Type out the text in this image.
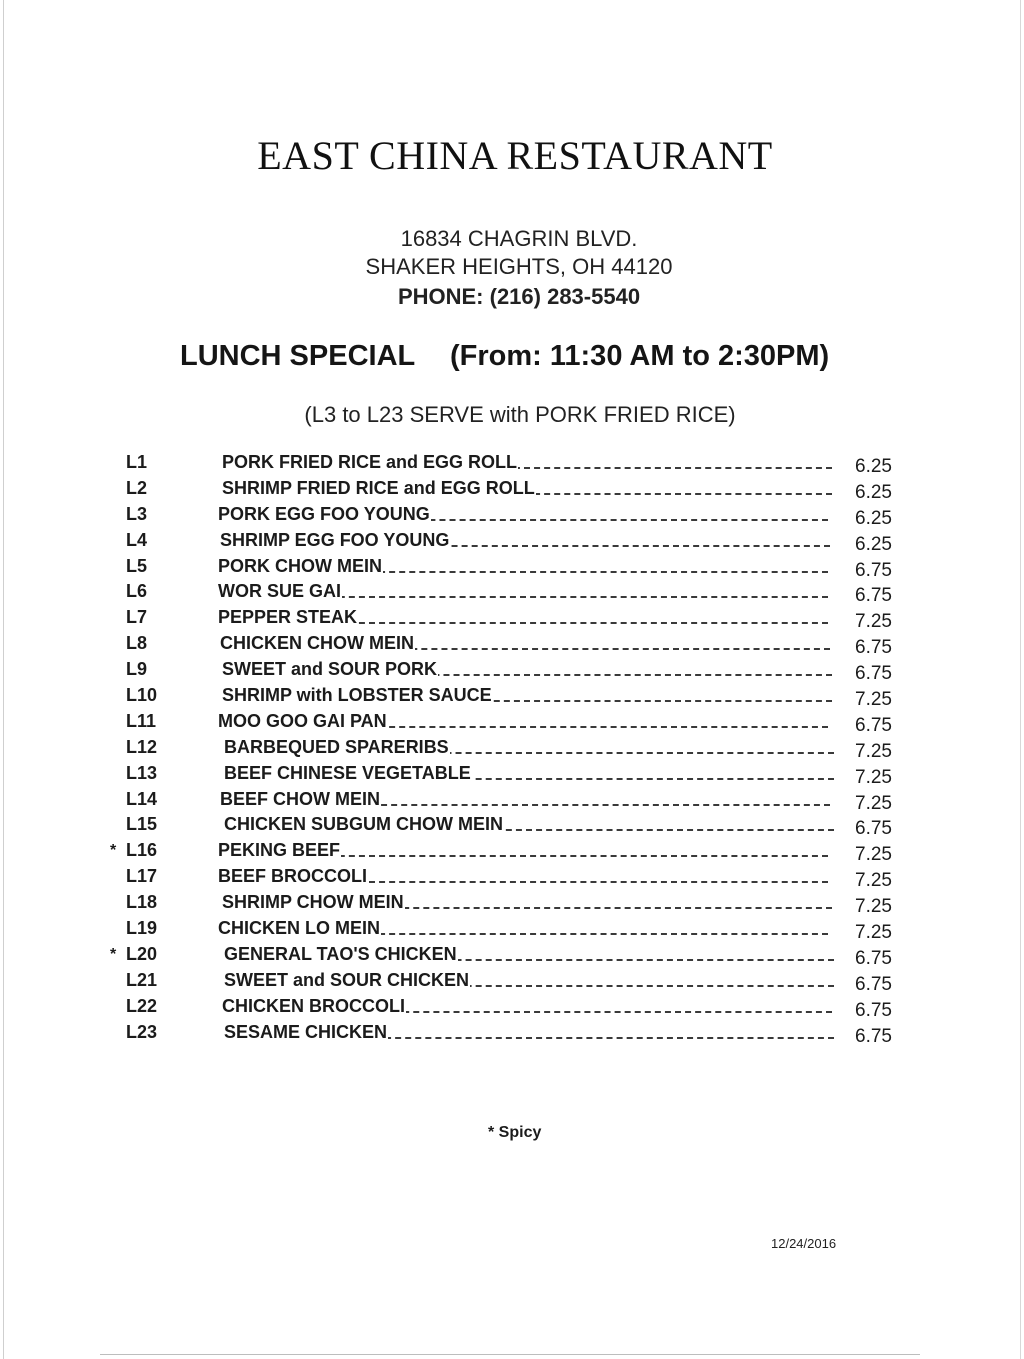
EAST CHINA RESTAURANT
16834 CHAGRIN BLVD.
SHAKER HEIGHTS, OH 44120
PHONE: (216) 283-5540
LUNCH SPECIAL (From: 11:30 AM to 2:30PM)
(L3 to L23 SERVE with PORK FRIED RICE)
L1	PORK FRIED RICE and EGG ROLL	6.25
L2	SHRIMP FRIED RICE and EGG ROLL	6.25
L3	PORK EGG FOO YOUNG	6.25
L4	SHRIMP EGG FOO YOUNG	6.25
L5	PORK CHOW MEIN	6.75
L6	WOR SUE GAI	6.75
L7	PEPPER STEAK	7.25
L8	CHICKEN CHOW MEIN	6.75
L9	SWEET and SOUR PORK	6.75
L10	SHRIMP with LOBSTER SAUCE	7.25
L11	MOO GOO GAI PAN	6.75
L12	BARBEQUED SPARERIBS	7.25
L13	BEEF CHINESE VEGETABLE	7.25
L14	BEEF CHOW MEIN	7.25
L15	CHICKEN SUBGUM CHOW MEIN	6.75
* L16	PEKING BEEF	7.25
L17	BEEF BROCCOLI	7.25
L18	SHRIMP CHOW MEIN	7.25
L19	CHICKEN LO MEIN	7.25
* L20	GENERAL TAO'S CHICKEN	6.75
L21	SWEET and SOUR CHICKEN	6.75
L22	CHICKEN BROCCOLI	6.75
L23	SESAME CHICKEN	6.75
* Spicy
12/24/2016
